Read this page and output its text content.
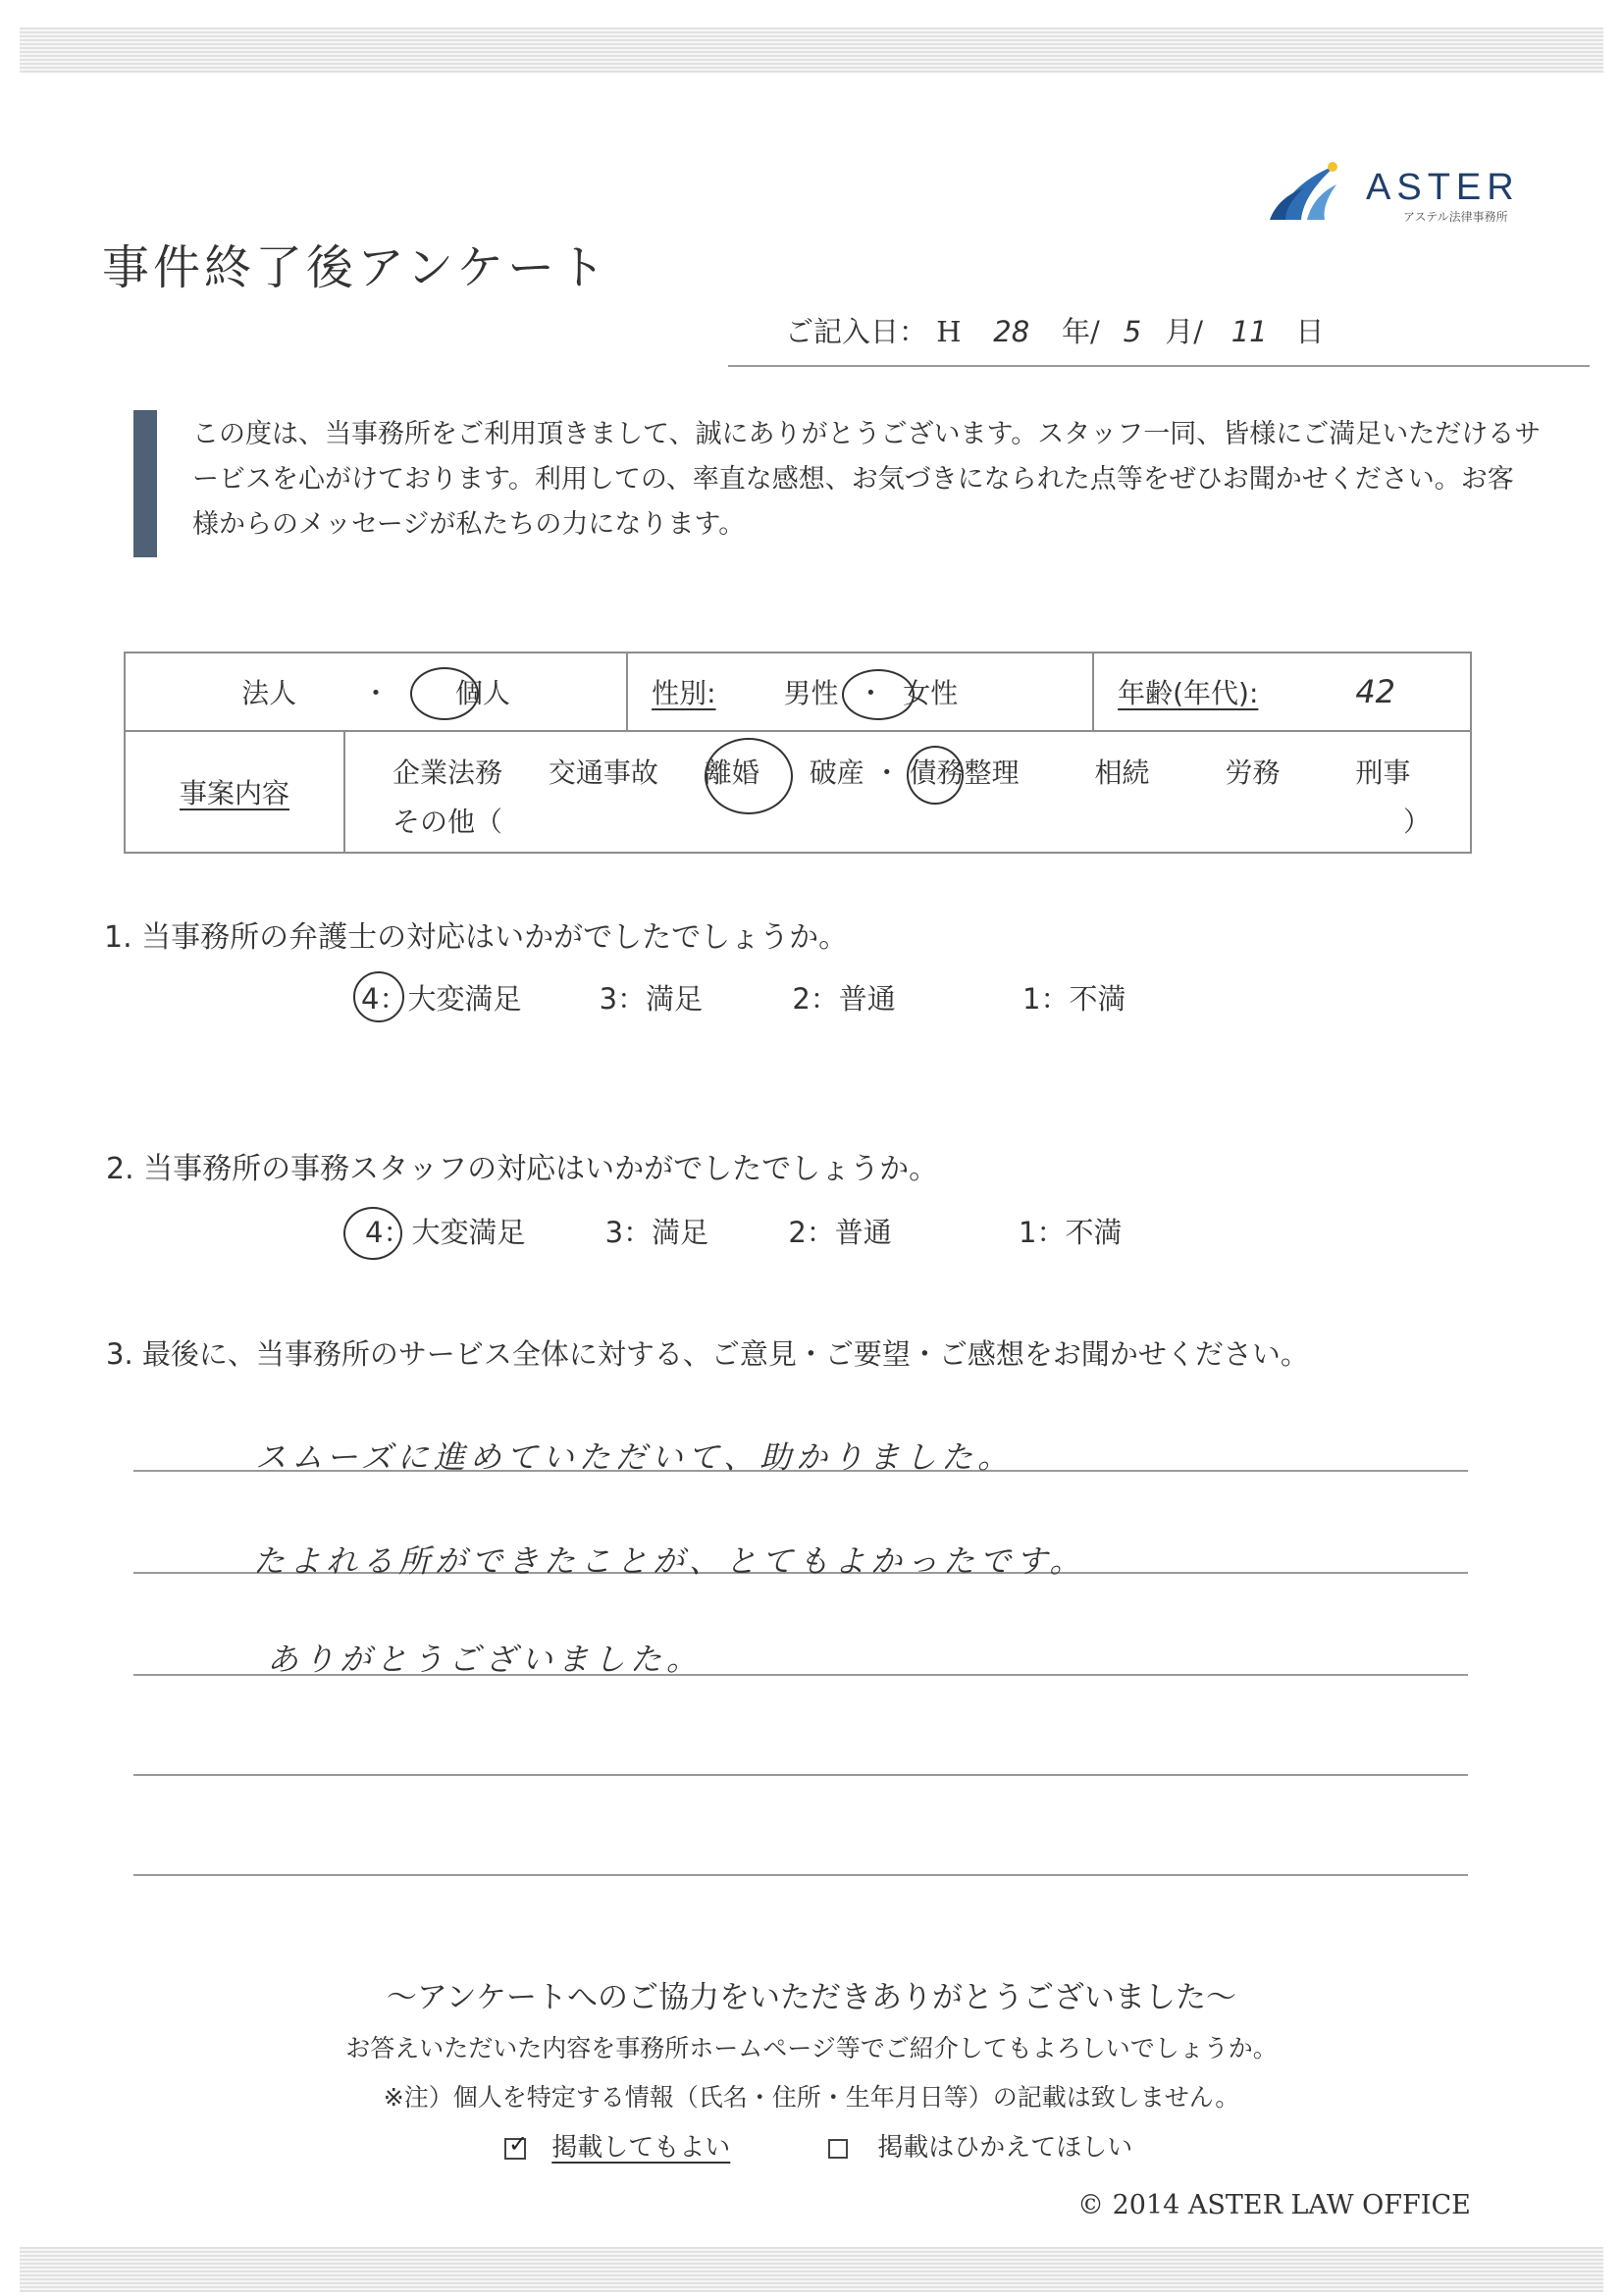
ASTER
アステル法律事務所
事件終了後アンケート
ご記入日： H 28 年/ 5 月/ 11 日
この度は、当事務所をご利用頂きまして、誠にありがとうございます。スタッフ一同、皆様にご満足いただけるサ
ービスを心がけております。利用しての、率直な感想、お気づきになられた点等をぜひお聞かせください。お客
様からのメッセージが私たちの力になります。
法人 ・ 個人		性別: 男性 ・ 女性	年齢(年代): 42
事案内容	企業法務 交通事故 離婚 破産 ・ 債務整理 相続 労務 刑事
その他（ ）		
1. 当事務所の弁護士の対応はいかがでしたでしょうか。
4：大変満足	3：満足	2：普通	1：不満
2. 当事務所の事務スタッフの対応はいかがでしたでしょうか。
4：大変満足	3：満足	2：普通	1：不満
3. 最後に、当事務所のサービス全体に対する、ご意見・ご要望・ご感想をお聞かせください。
スムーズに進めていただいて、助かりました。
たよれる所ができたことが、とてもよかったです。
ありがとうございました。
～アンケートへのご協力をいただきありがとうございました～
お答えいただいた内容を事務所ホームページ等でご紹介してもよろしいでしょうか。
※注）個人を特定する情報（氏名・住所・生年月日等）の記載は致しません。
✓ 掲載してもよい	掲載はひかえてほしい
© 2014 ASTER LAW OFFICE
